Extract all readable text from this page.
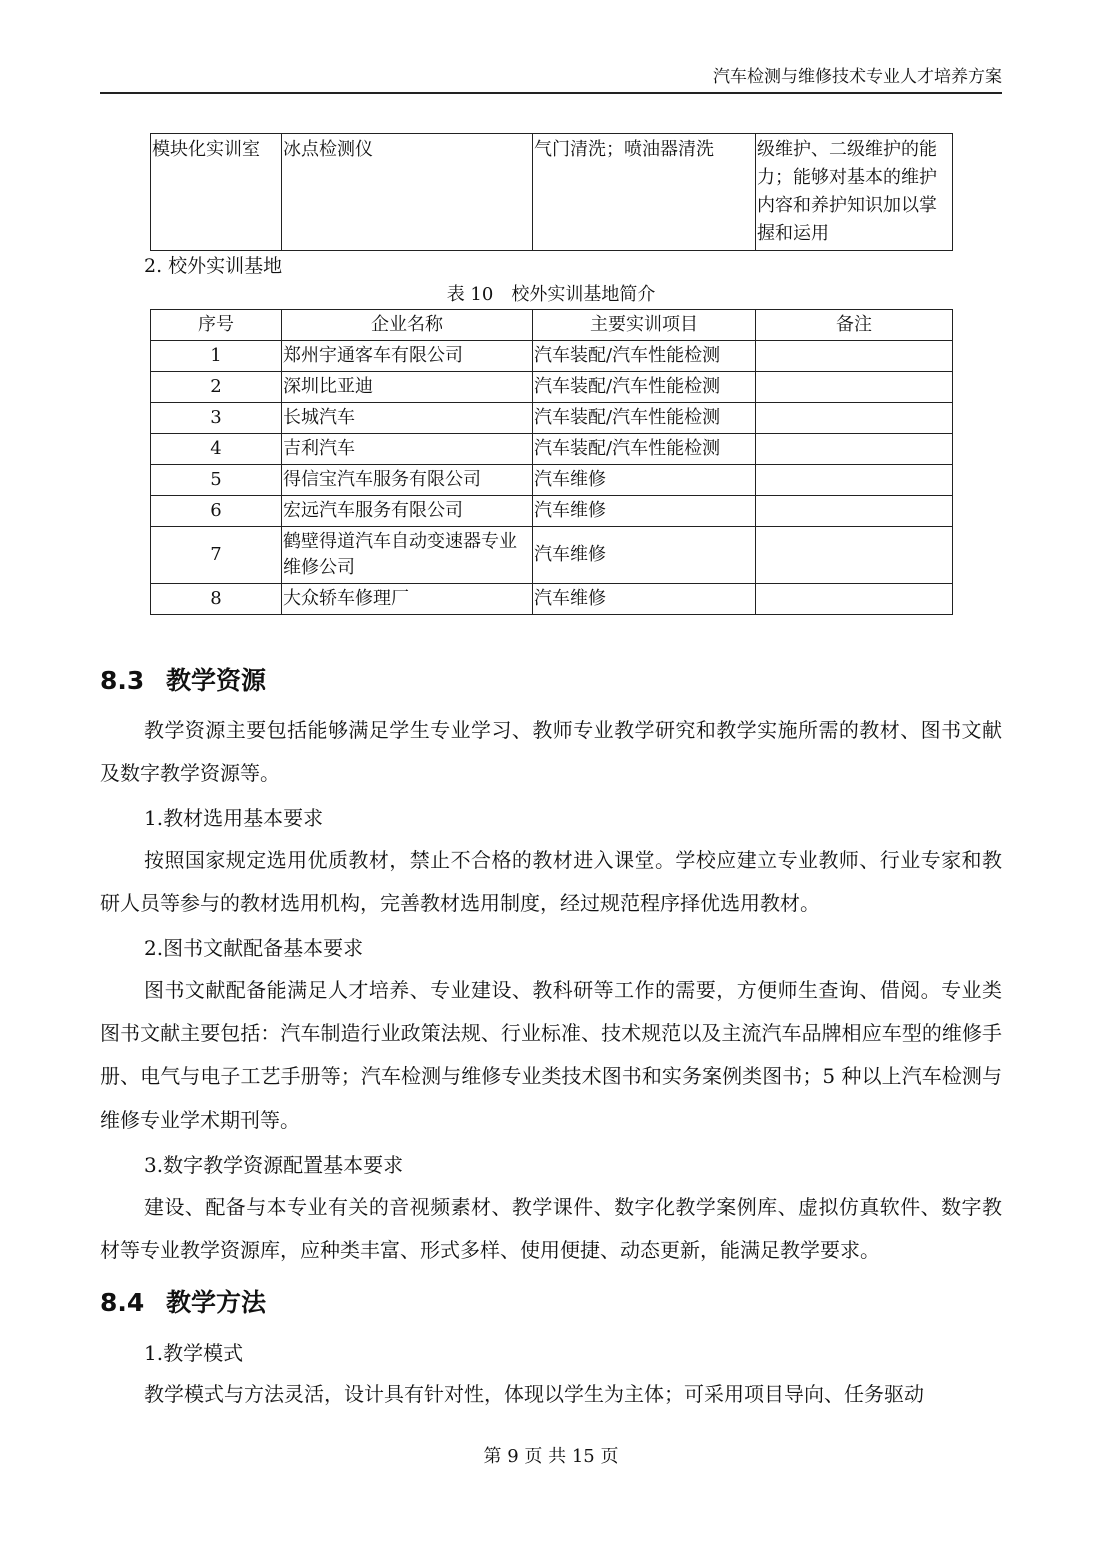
汽车检测与维修技术专业人才培养方案
模块化实训室	冰点检测仪	气门清洗；喷油器清洗	级维护、二级维护的能力；能够对基本的维护内容和养护知识加以掌握和运用
2. 校外实训基地
表 10　校外实训基地简介
序号	企业名称	主要实训项目	备注
1	郑州宇通客车有限公司	汽车装配/汽车性能检测	
2	深圳比亚迪	汽车装配/汽车性能检测	
3	长城汽车	汽车装配/汽车性能检测	
4	吉利汽车	汽车装配/汽车性能检测	
5	得信宝汽车服务有限公司	汽车维修	
6	宏远汽车服务有限公司	汽车维修	
7	鹤壁得道汽车自动变速器专业维修公司	汽车维修	
8	大众轿车修理厂	汽车维修	
8.3 教学资源
教学资源主要包括能够满足学生专业学习、教师专业教学研究和教学实施所需的教材、图书文献及数字教学资源等。
1.教材选用基本要求
按照国家规定选用优质教材，禁止不合格的教材进入课堂。学校应建立专业教师、行业专家和教研人员等参与的教材选用机构，完善教材选用制度，经过规范程序择优选用教材。
2.图书文献配备基本要求
图书文献配备能满足人才培养、专业建设、教科研等工作的需要，方便师生查询、借阅。专业类图书文献主要包括：汽车制造行业政策法规、行业标准、技术规范以及主流汽车品牌相应车型的维修手册、电气与电子工艺手册等；汽车检测与维修专业类技术图书和实务案例类图书；5 种以上汽车检测与维修专业学术期刊等。
3.数字教学资源配置基本要求
建设、配备与本专业有关的音视频素材、教学课件、数字化教学案例库、虚拟仿真软件、数字教材等专业教学资源库，应种类丰富、形式多样、使用便捷、动态更新，能满足教学要求。
8.4 教学方法
1.教学模式
教学模式与方法灵活，设计具有针对性，体现以学生为主体；可采用项目导向、任务驱动
第 9 页 共 15 页
